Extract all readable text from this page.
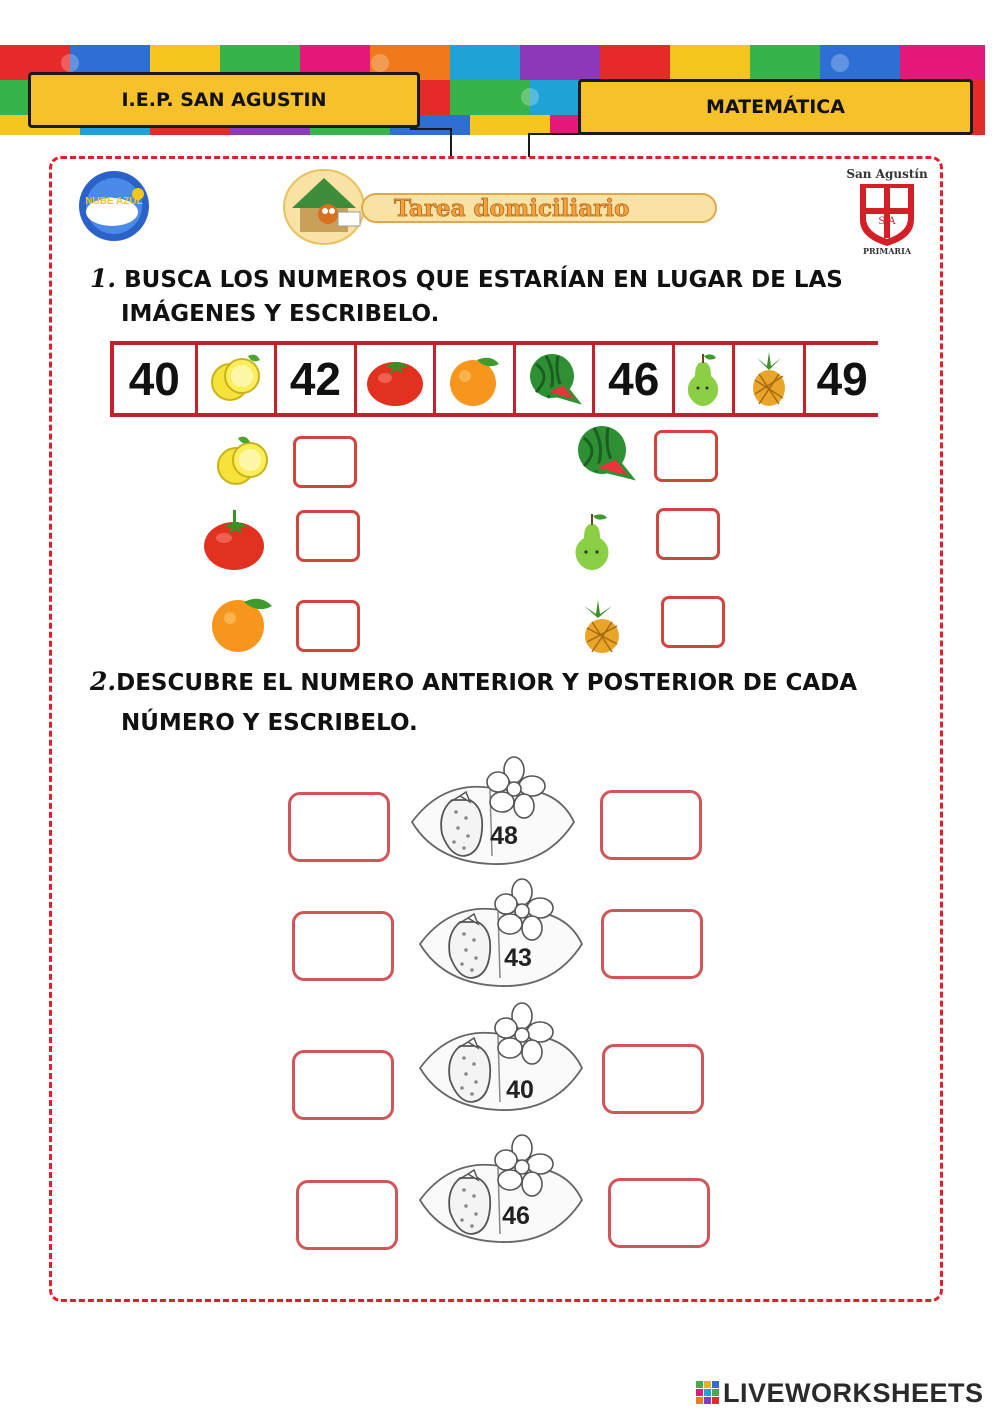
I.E.P. SAN AGUSTIN	MATEMÁTICA
NUBE AZUL	Tarea domiciliario
San Agustín
S A
PRIMARIA
1. BUSCA LOS NUMEROS QUE ESTARÍAN EN LUGAR DE LAS
IMÁGENES Y ESCRIBELO.
40 42	46	49
2.DESCUBRE EL NUMERO ANTERIOR Y POSTERIOR DE CADA
NÚMERO Y ESCRIBELO.
48
43
40
46
LIVEWORKSHEETS
